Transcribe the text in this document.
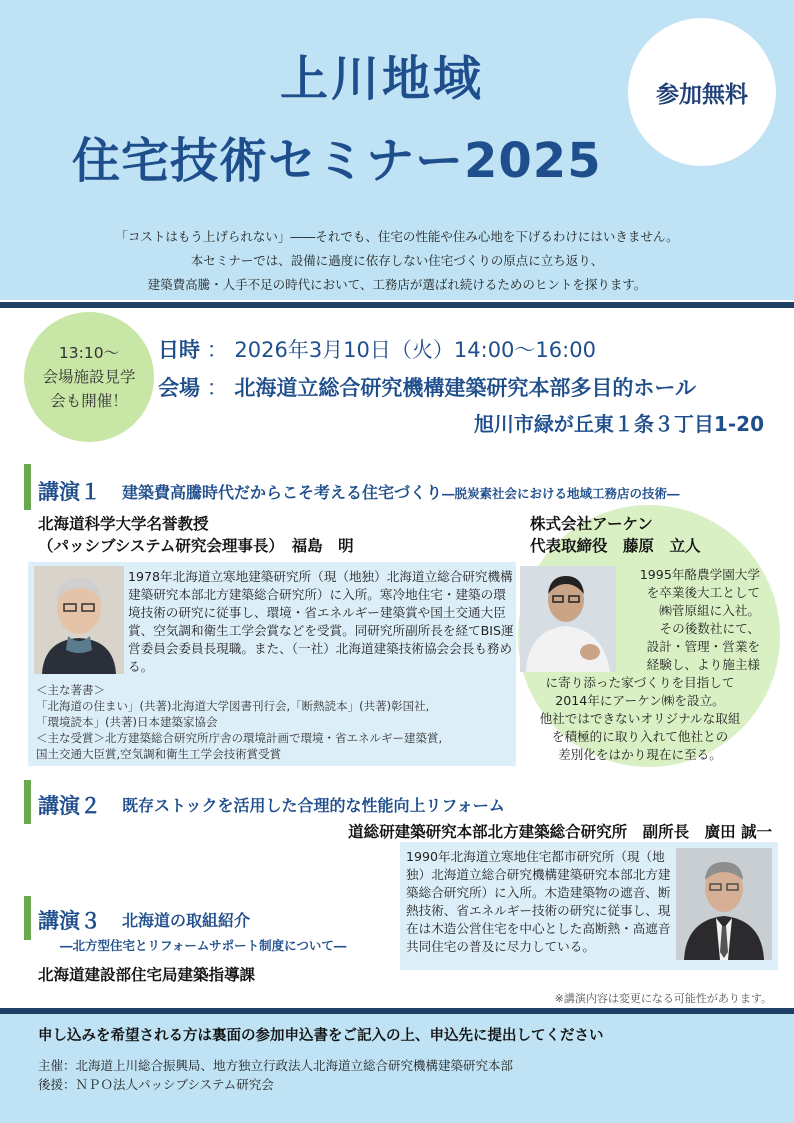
参加無料
上川地域
住宅技術セミナー2025
「コストはもう上げられない」――それでも、住宅の性能や住み心地を下げるわけにはいきません。
本セミナーでは、設備に過度に依存しない住宅づくりの原点に立ち返り、
建築費高騰・人手不足の時代において、工務店が選ばれ続けるためのヒントを探ります。
13:10～
会場施設見学
会も開催！
日時 ： 2026年3月10日（火）14:00～16:00
会場 ： 北海道立総合研究機構建築研究本部多目的ホール
旭川市緑が丘東１条３丁目1-20
講演１ 建築費高騰時代だからこそ考える住宅づくり―脱炭素社会における地域工務店の技術―
北海道科学大学名誉教授
（パッシブシステム研究会理事長）　福島　明
株式会社アーケン
代表取締役　藤原　立人
1978年北海道立寒地建築研究所（現（地独）北海道立総合研究機構建築研究本部北方建築総合研究所）に入所。寒冷地住宅・建築の環境技術の研究に従事し、環境・省エネルギー建築賞や国土交通大臣賞、空気調和衛生工学会賞などを受賞。同研究所副所長を経てBIS運営委員会委員長現職。また、（一社）北海道建築技術協会会長も務める。
＜主な著書＞
「北海道の住まい」(共著)北海道大学図書刊行会,「断熱読本」(共著)彰国社,
「環境読本」(共著)日本建築家協会
＜主な受賞＞北方建築総合研究所庁舎の環境計画で環境・省エネルギー建築賞,
国土交通大臣賞,空気調和衛生工学会技術賞受賞
1995年酪農学園大学
を卒業後大工として
㈱菅原組に入社。
その後数社にて、
設計・管理・営業を
経験し、より施主様
に寄り添った家づくりを目指して
2014年にアーケン㈱を設立。
他社ではできないオリジナルな取組
を積極的に取り入れて他社との
差別化をはかり現在に至る。
講演２ 既存ストックを活用した合理的な性能向上リフォーム
道総研建築研究本部北方建築総合研究所　副所長　廣田 誠一
1990年北海道立寒地住宅都市研究所（現（地独）北海道立総合研究機構建築研究本部北方建築総合研究所）に入所。木造建築物の遮音、断熱技術、省エネルギー技術の研究に従事し、現在は木造公営住宅を中心とした高断熱・高遮音共同住宅の普及に尽力している。
講演３ 北海道の取組紹介
―北方型住宅とリフォームサポート制度について―
北海道建設部住宅局建築指導課
※講演内容は変更になる可能性があります。
申し込みを希望される方は裏面の参加申込書をご記入の上、申込先に提出してください
主催：北海道上川総合振興局、地方独立行政法人北海道立総合研究機構建築研究本部
後援：ＮＰＯ法人パッシブシステム研究会
